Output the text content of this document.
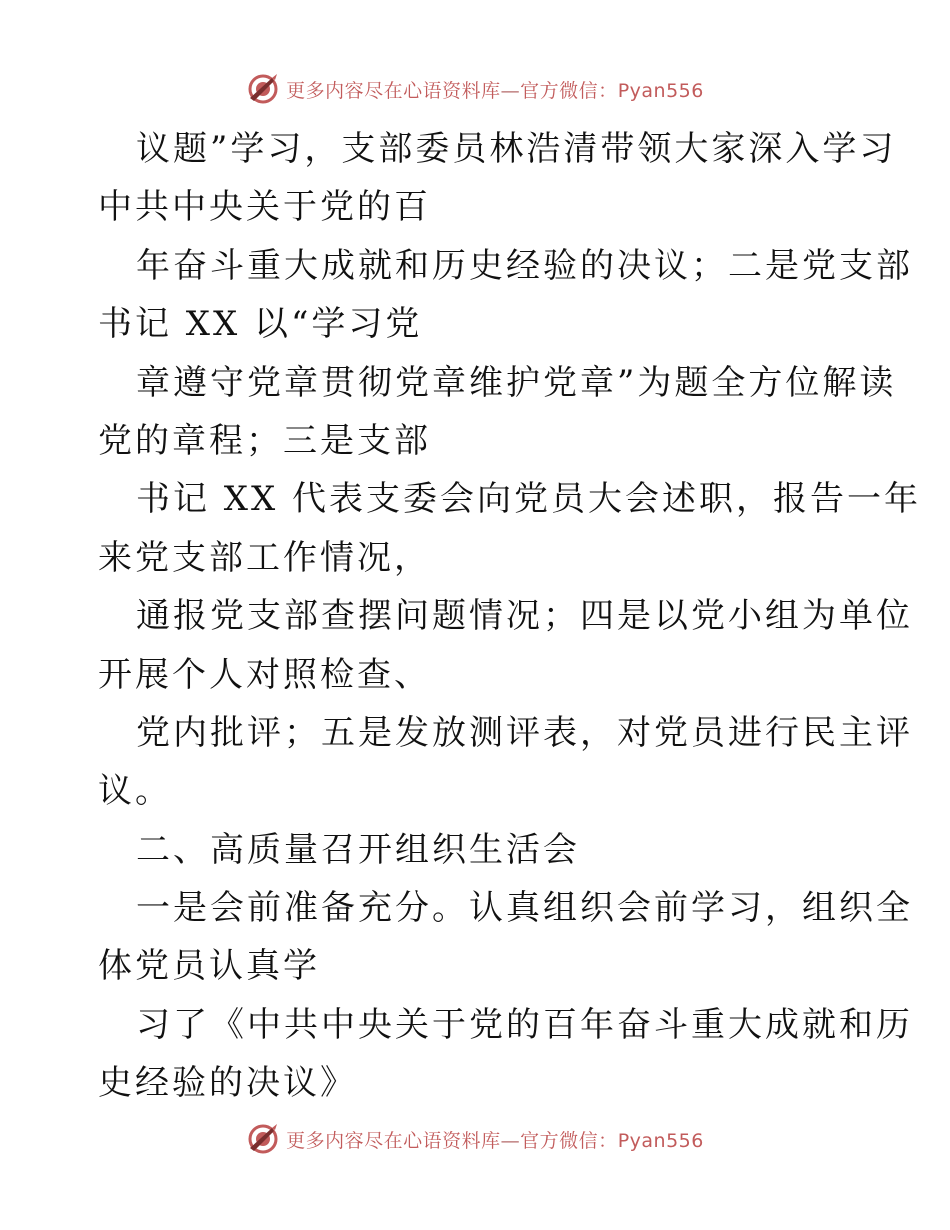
更多内容尽在心语资料库—官方微信：Pyan556
议题”学习，支部委员林浩清带领大家深入学习
中共中央关于党的百
年奋斗重大成就和历史经验的决议；二是党支部
书记 XX 以“学习党
章遵守党章贯彻党章维护党章”为题全方位解读
党的章程；三是支部
书记 XX 代表支委会向党员大会述职，报告一年
来党支部工作情况，
通报党支部查摆问题情况；四是以党小组为单位
开展个人对照检查、
党内批评；五是发放测评表，对党员进行民主评
议。
二、高质量召开组织生活会
一是会前准备充分。认真组织会前学习，组织全
体党员认真学
习了《中共中央关于党的百年奋斗重大成就和历
史经验的决议》
更多内容尽在心语资料库—官方微信：Pyan556
